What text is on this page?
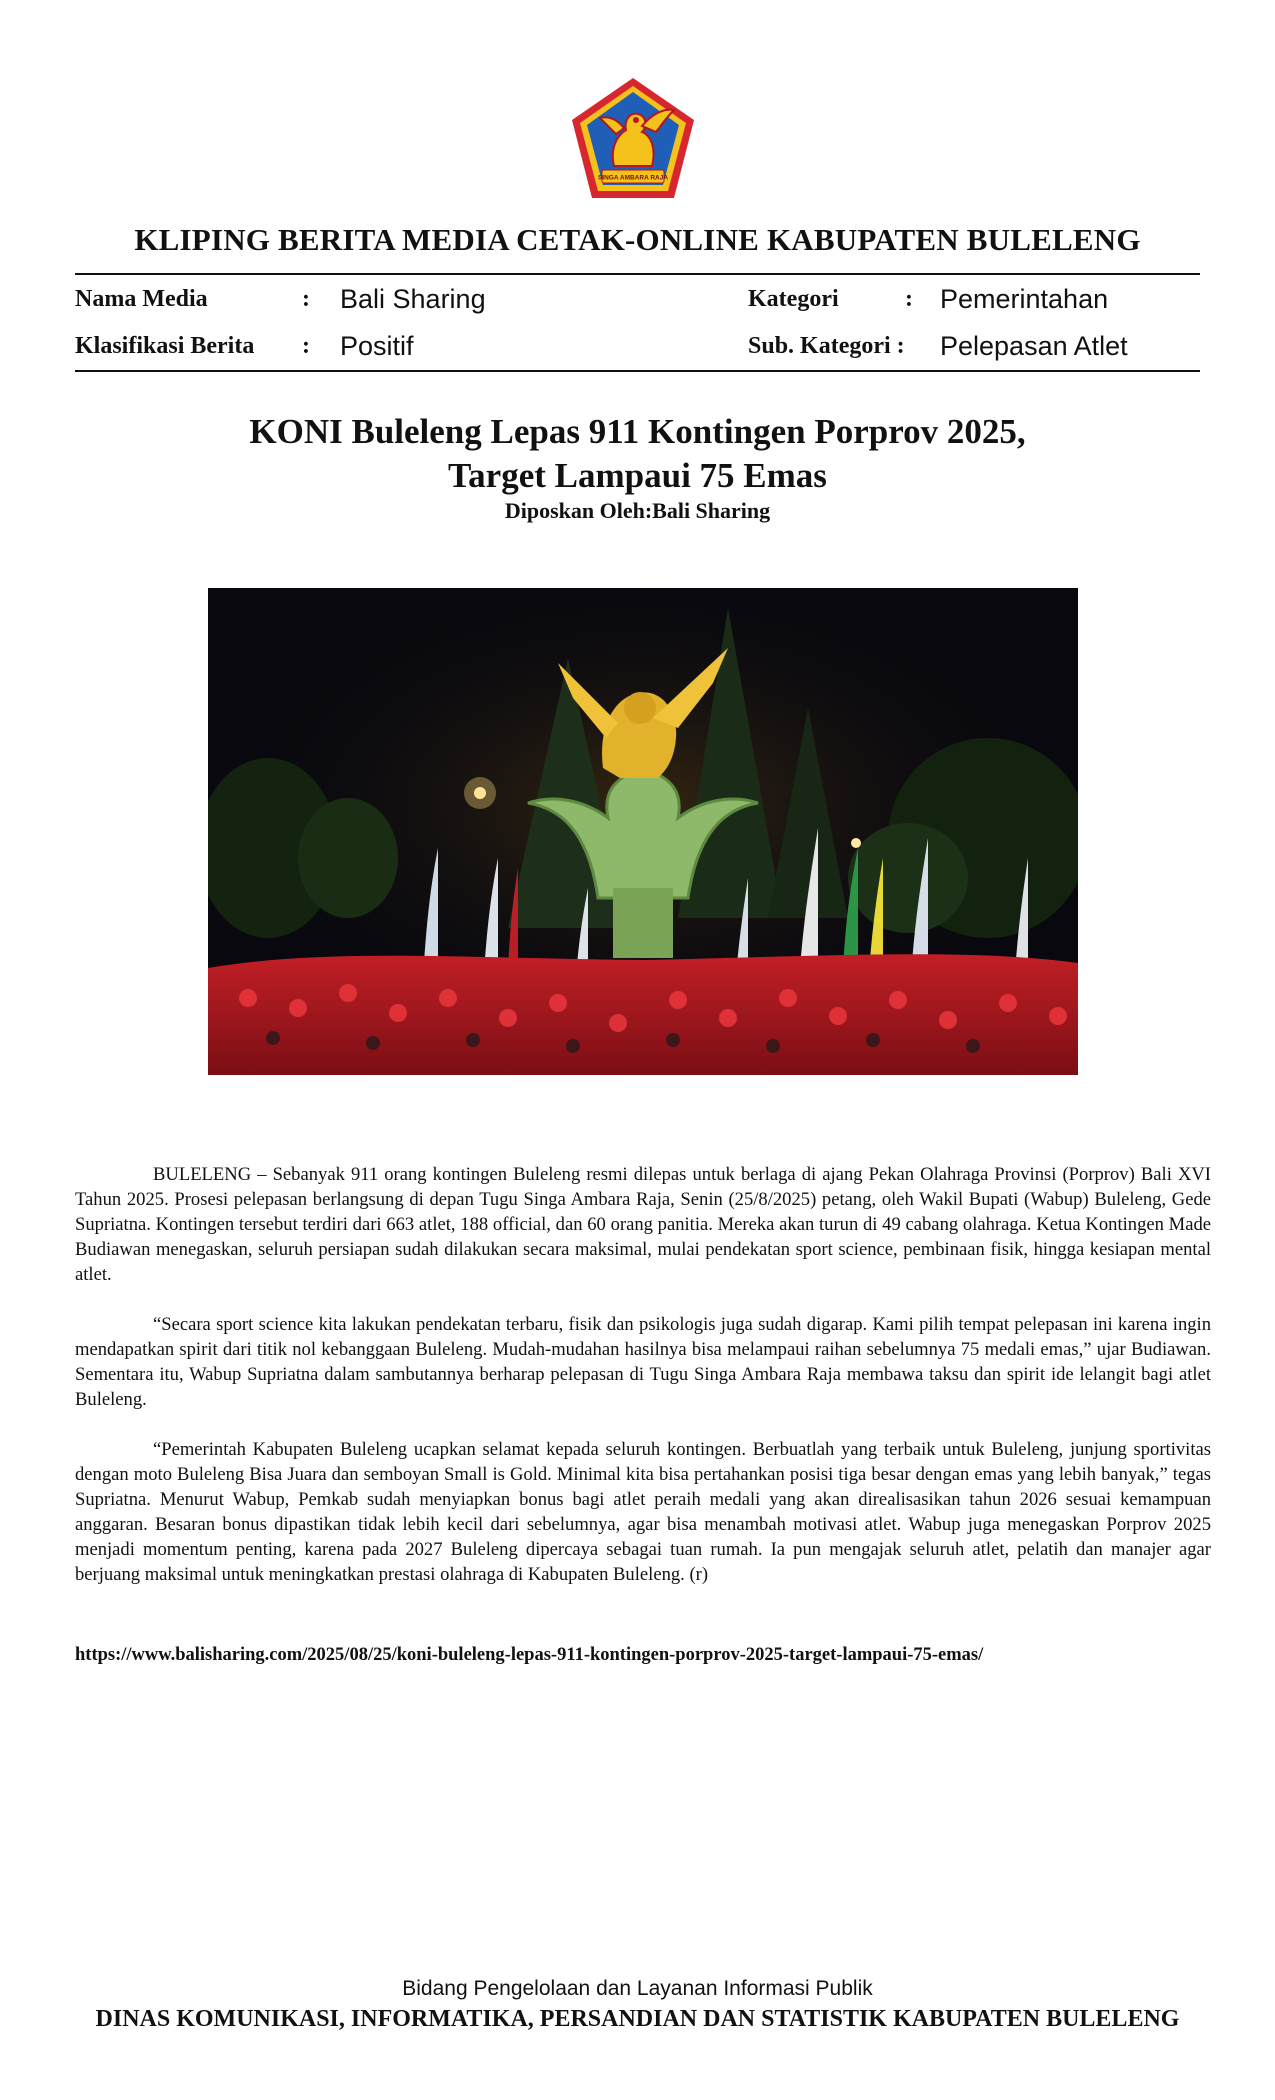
SINGA AMBARA RAJA
KLIPING BERITA MEDIA CETAK-ONLINE KABUPATEN BULELENG
Nama Media	: Bali Sharing	Kategori	: Pemerintahan
Klasifikasi Berita : Positif	Sub. Kategori : Pelepasan Atlet
KONI Buleleng Lepas 911 Kontingen Porprov 2025,
Target Lampaui 75 Emas
Diposkan Oleh:Bali Sharing

BULELENG – Sebanyak 911 orang kontingen Buleleng resmi dilepas untuk berlaga di ajang Pekan Olahraga Provinsi (Porprov) Bali XVI Tahun 2025. Prosesi pelepasan berlangsung di depan Tugu Singa Ambara Raja, Senin (25/8/2025) petang, oleh Wakil Bupati (Wabup) Buleleng, Gede Supriatna. Kontingen tersebut terdiri dari 663 atlet, 188 official, dan 60 orang panitia. Mereka akan turun di 49 cabang olahraga. Ketua Kontingen Made Budiawan menegaskan, seluruh persiapan sudah dilakukan secara maksimal, mulai pendekatan sport science, pembinaan fisik, hingga kesiapan mental atlet.

“Secara sport science kita lakukan pendekatan terbaru, fisik dan psikologis juga sudah digarap. Kami pilih tempat pelepasan ini karena ingin mendapatkan spirit dari titik nol kebanggaan Buleleng. Mudah-mudahan hasilnya bisa melampaui raihan sebelumnya 75 medali emas,” ujar Budiawan. Sementara itu, Wabup Supriatna dalam sambutannya berharap pelepasan di Tugu Singa Ambara Raja membawa taksu dan spirit ide lelangit bagi atlet Buleleng.

“Pemerintah Kabupaten Buleleng ucapkan selamat kepada seluruh kontingen. Berbuatlah yang terbaik untuk Buleleng, junjung sportivitas dengan moto Buleleng Bisa Juara dan semboyan Small is Gold. Minimal kita bisa pertahankan posisi tiga besar dengan emas yang lebih banyak,” tegas Supriatna. Menurut Wabup, Pemkab sudah menyiapkan bonus bagi atlet peraih medali yang akan direalisasikan tahun 2026 sesuai kemampuan anggaran. Besaran bonus dipastikan tidak lebih kecil dari sebelumnya, agar bisa menambah motivasi atlet. Wabup juga menegaskan Porprov 2025 menjadi momentum penting, karena pada 2027 Buleleng dipercaya sebagai tuan rumah. Ia pun mengajak seluruh atlet, pelatih dan manajer agar berjuang maksimal untuk meningkatkan prestasi olahraga di Kabupaten Buleleng. (r)

https://www.balisharing.com/2025/08/25/koni-buleleng-lepas-911-kontingen-porprov-2025-target-lampaui-75-emas/
Bidang Pengelolaan dan Layanan Informasi Publik
DINAS KOMUNIKASI, INFORMATIKA, PERSANDIAN DAN STATISTIK KABUPATEN BULELENG
